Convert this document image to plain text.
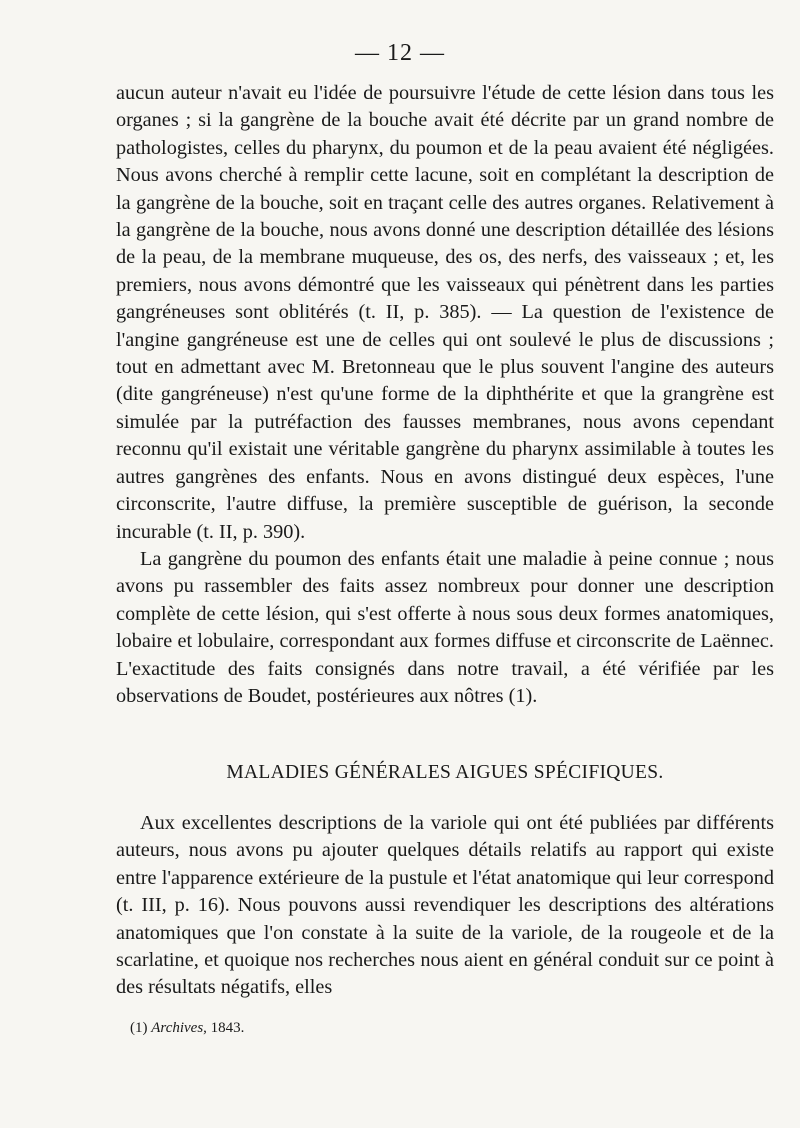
— 12 —

aucun auteur n'avait eu l'idée de poursuivre l'étude de cette lésion dans tous les organes ; si la gangrène de la bouche avait été décrite par un grand nombre de pathologistes, celles du pharynx, du poumon et de la peau avaient été négligées. Nous avons cherché à remplir cette lacune, soit en complétant la description de la gangrène de la bouche, soit en traçant celle des autres organes. Relativement à la gangrène de la bouche, nous avons donné une description détaillée des lésions de la peau, de la membrane muqueuse, des os, des nerfs, des vaisseaux ; et, les premiers, nous avons démontré que les vaisseaux qui pénètrent dans les parties gangréneuses sont oblitérés (t. II, p. 385). — La question de l'existence de l'angine gangréneuse est une de celles qui ont soulevé le plus de discussions ; tout en admettant avec M. Bretonneau que le plus souvent l'angine des auteurs (dite gangréneuse) n'est qu'une forme de la diphthérite et que la grangrène est simulée par la putréfaction des fausses membranes, nous avons cependant reconnu qu'il existait une véritable gangrène du pharynx assimilable à toutes les autres gangrènes des enfants. Nous en avons distingué deux espèces, l'une circonscrite, l'autre diffuse, la première susceptible de guérison, la seconde incurable (t. II, p. 390).

La gangrène du poumon des enfants était une maladie à peine connue ; nous avons pu rassembler des faits assez nombreux pour donner une description complète de cette lésion, qui s'est offerte à nous sous deux formes anatomiques, lobaire et lobulaire, correspondant aux formes diffuse et circonscrite de Laënnec. L'exactitude des faits consignés dans notre travail, a été vérifiée par les observations de Boudet, postérieures aux nôtres (1).

MALADIES GÉNÉRALES AIGUES SPÉCIFIQUES.

Aux excellentes descriptions de la variole qui ont été publiées par différents auteurs, nous avons pu ajouter quelques détails relatifs au rapport qui existe entre l'apparence extérieure de la pustule et l'état anatomique qui leur correspond (t. III, p. 16). Nous pouvons aussi revendiquer les descriptions des altérations anatomiques que l'on constate à la suite de la variole, de la rougeole et de la scarlatine, et quoique nos recherches nous aient en général conduit sur ce point à des résultats négatifs, elles

(1) Archives, 1843.
